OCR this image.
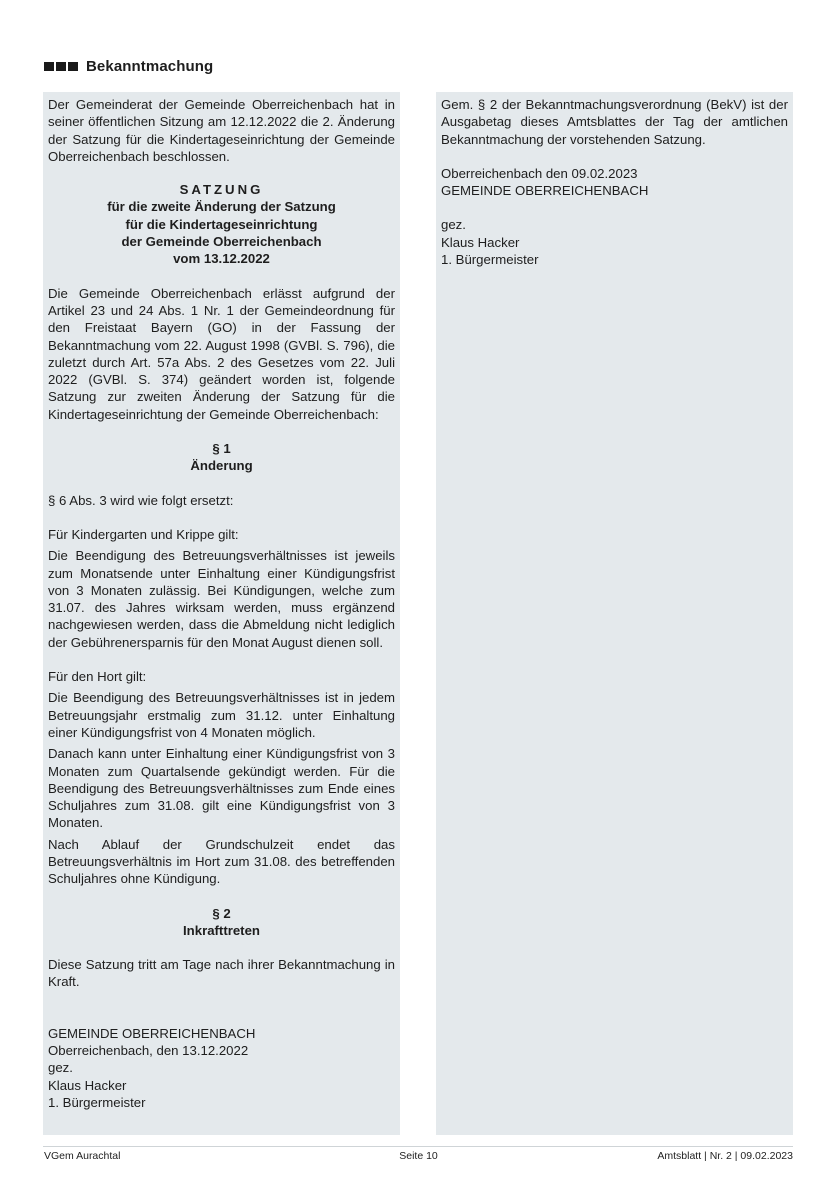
Bekanntmachung

Der Gemeinderat der Gemeinde Oberreichenbach hat in seiner öffentlichen Sitzung am 12.12.2022 die 2. Änderung der Satzung für die Kindertageseinrichtung der Gemeinde Oberreichenbach beschlossen.

SATZUNG

für die zweite Änderung der Satzung

für die Kindertageseinrichtung

der Gemeinde Oberreichenbach

vom 13.12.2022

Die Gemeinde Oberreichenbach erlässt aufgrund der Artikel 23 und 24 Abs. 1 Nr. 1 der Gemeindeordnung für den Freistaat Bayern (GO) in der Fassung der Bekanntmachung vom 22. August 1998 (GVBl. S. 796), die zuletzt durch Art. 57a Abs. 2 des Gesetzes vom 22. Juli 2022 (GVBl. S. 374) geändert worden ist, folgende Satzung zur zweiten Änderung der Satzung für die Kindertageseinrichtung der Gemeinde Oberreichenbach:

§ 1

Änderung

§ 6 Abs. 3 wird wie folgt ersetzt:

Für Kindergarten und Krippe gilt:

Die Beendigung des Betreuungsverhältnisses ist jeweils zum Monatsende unter Einhaltung einer Kündigungsfrist von 3 Monaten zulässig. Bei Kündigungen, welche zum 31.07. des Jahres wirksam werden, muss ergänzend nachgewiesen werden, dass die Abmeldung nicht lediglich der Gebührenersparnis für den Monat August dienen soll.

Für den Hort gilt:

Die Beendigung des Betreuungsverhältnisses ist in jedem Betreuungsjahr erstmalig zum 31.12. unter Einhaltung einer Kündigungsfrist von 4 Monaten möglich.

Danach kann unter Einhaltung einer Kündigungsfrist von 3 Monaten zum Quartalsende gekündigt werden. Für die Beendigung des Betreuungsverhältnisses zum Ende eines Schuljahres zum 31.08. gilt eine Kündigungsfrist von 3 Monaten.

Nach Ablauf der Grundschulzeit endet das Betreuungsverhältnis im Hort zum 31.08. des betreffenden Schuljahres ohne Kündigung.

§ 2

Inkrafttreten

Diese Satzung tritt am Tage nach ihrer Bekanntmachung in Kraft.

GEMEINDE OBERREICHENBACH

Oberreichenbach, den 13.12.2022

gez.

Klaus Hacker

1. Bürgermeister

Gem. § 2 der Bekanntmachungsverordnung (BekV) ist der Ausgabetag dieses Amtsblattes der Tag der amtlichen Bekanntmachung der vorstehenden Satzung.

Oberreichenbach den 09.02.2023

GEMEINDE OBERREICHENBACH

gez.

Klaus Hacker

1. Bürgermeister

VGem Aurachtal	Seite 10	Amtsblatt | Nr. 2 | 09.02.2023
